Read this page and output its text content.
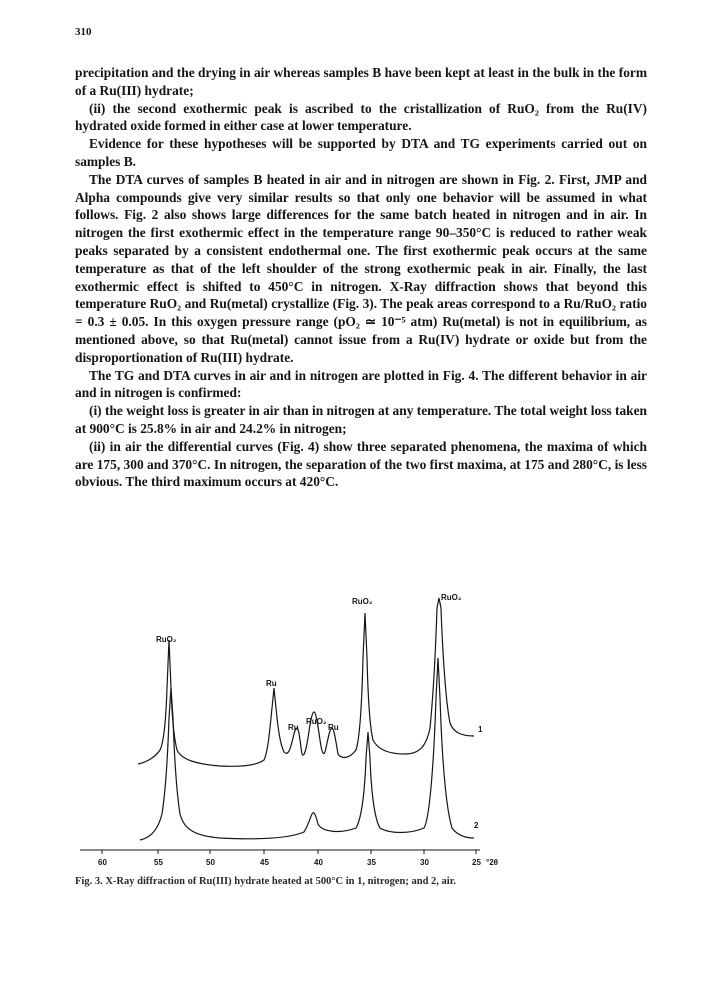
310

precipitation and the drying in air whereas samples B have been kept at least in the bulk in the form of a Ru(III) hydrate;

(ii) the second exothermic peak is ascribed to the cristallization of RuO₂ from the Ru(IV) hydrated oxide formed in either case at lower temperature.

Evidence for these hypotheses will be supported by DTA and TG experiments carried out on samples B.

The DTA curves of samples B heated in air and in nitrogen are shown in Fig. 2. First, JMP and Alpha compounds give very similar results so that only one behavior will be assumed in what follows. Fig. 2 also shows large differences for the same batch heated in nitrogen and in air. In nitrogen the first exothermic effect in the temperature range 90–350°C is reduced to rather weak peaks separated by a consistent endothermal one. The first exothermic peak occurs at the same temperature as that of the left shoulder of the strong exothermic peak in air. Finally, the last exothermic effect is shifted to 450°C in nitrogen. X-Ray diffraction shows that beyond this temperature RuO₂ and Ru(metal) crystallize (Fig. 3). The peak areas correspond to a Ru/RuO₂ ratio = 0.3 ± 0.05. In this oxygen pressure range (pO₂ ≃ 10⁻⁵ atm) Ru(metal) is not in equilibrium, as mentioned above, so that Ru(metal) cannot issue from a Ru(IV) hydrate or oxide but from the disproportionation of Ru(III) hydrate.

The TG and DTA curves in air and in nitrogen are plotted in Fig. 4. The different behavior in air and in nitrogen is confirmed:

(i) the weight loss is greater in air than in nitrogen at any temperature. The total weight loss taken at 900°C is 25.8% in air and 24.2% in nitrogen;

(ii) in air the differential curves (Fig. 4) show three separated phenomena, the maxima of which are 175, 300 and 370°C. In nitrogen, the separation of the two first maxima, at 175 and 280°C, is less obvious. The third maximum occurs at 420°C.

60	55	50	45	40	35	30	25 °2θ
RuO₂
Ru
Ru
RuO₂
Ru
RuO₂	RuO₂
1
2
Fig. 3. X-Ray diffraction of Ru(III) hydrate heated at 500°C in 1, nitrogen; and 2, air.
